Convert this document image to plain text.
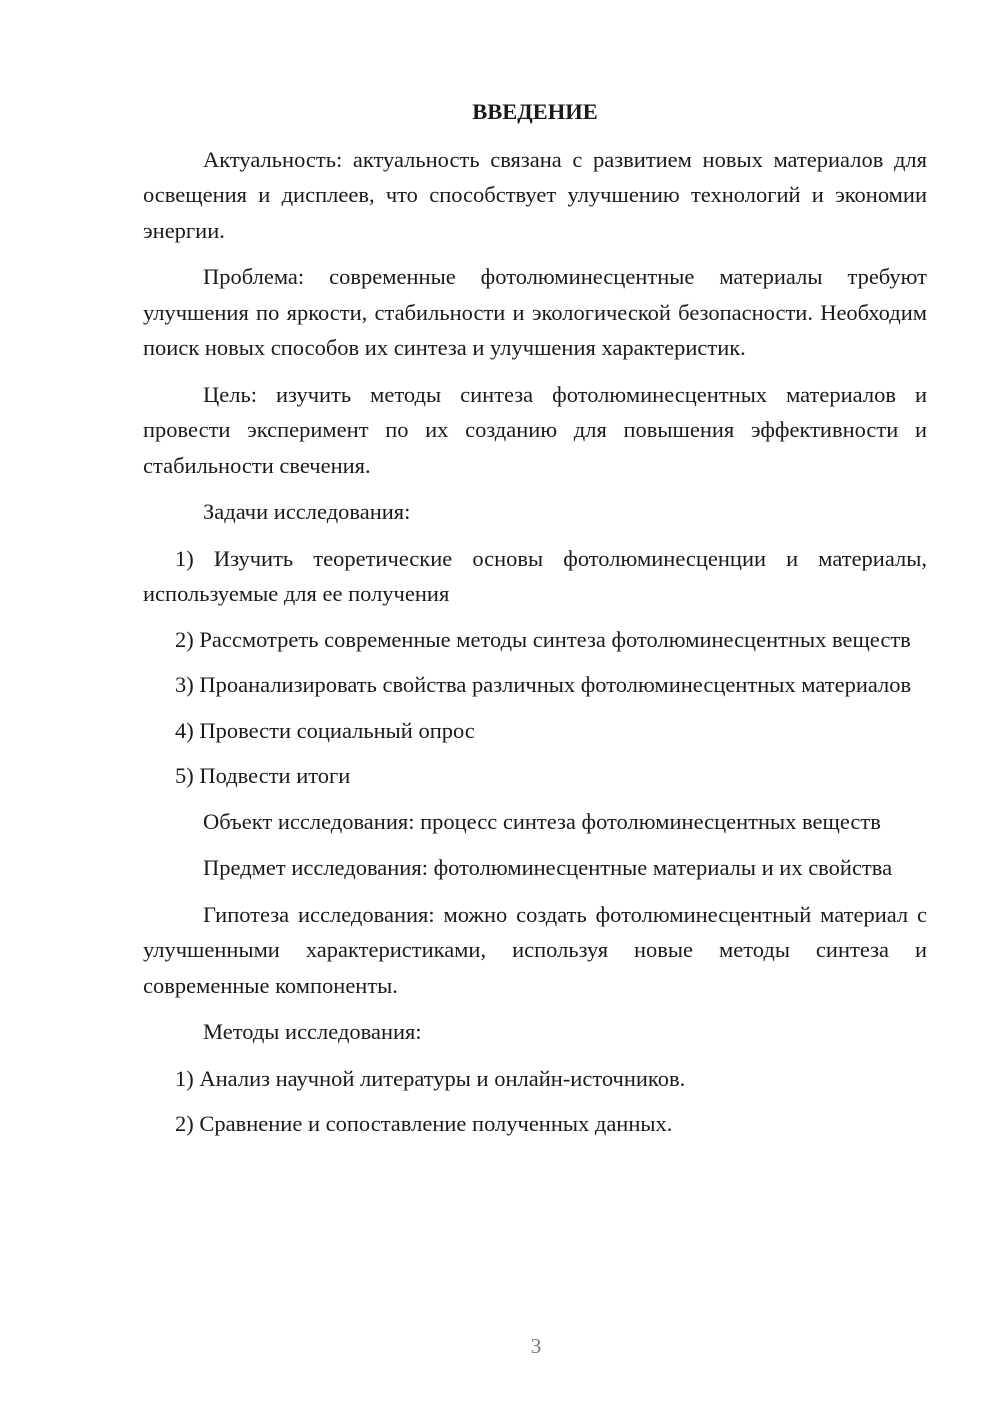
ВВЕДЕНИЕ

Актуальность: актуальность связана с развитием новых материалов для освещения и дисплеев, что способствует улучшению технологий и экономии энергии.

Проблема: современные фотолюминесцентные материалы требуют улучшения по яркости, стабильности и экологической безопасности. Необходим поиск новых способов их синтеза и улучшения характеристик.

Цель: изучить методы синтеза фотолюминесцентных материалов и провести эксперимент по их созданию для повышения эффективности и стабильности свечения.

Задачи исследования:

1) Изучить теоретические основы фотолюминесценции и материалы, используемые для ее получения

2) Рассмотреть современные методы синтеза фотолюминесцентных веществ

3) Проанализировать свойства различных фотолюминесцентных материалов

4) Провести социальный опрос

5) Подвести итоги

Объект исследования: процесс синтеза фотолюминесцентных веществ

Предмет исследования: фотолюминесцентные материалы и их свойства

Гипотеза исследования: можно создать фотолюминесцентный материал с улучшенными характеристиками, используя новые методы синтеза и современные компоненты.

Методы исследования:

1) Анализ научной литературы и онлайн-источников.

2) Сравнение и сопоставление полученных данных.

3
